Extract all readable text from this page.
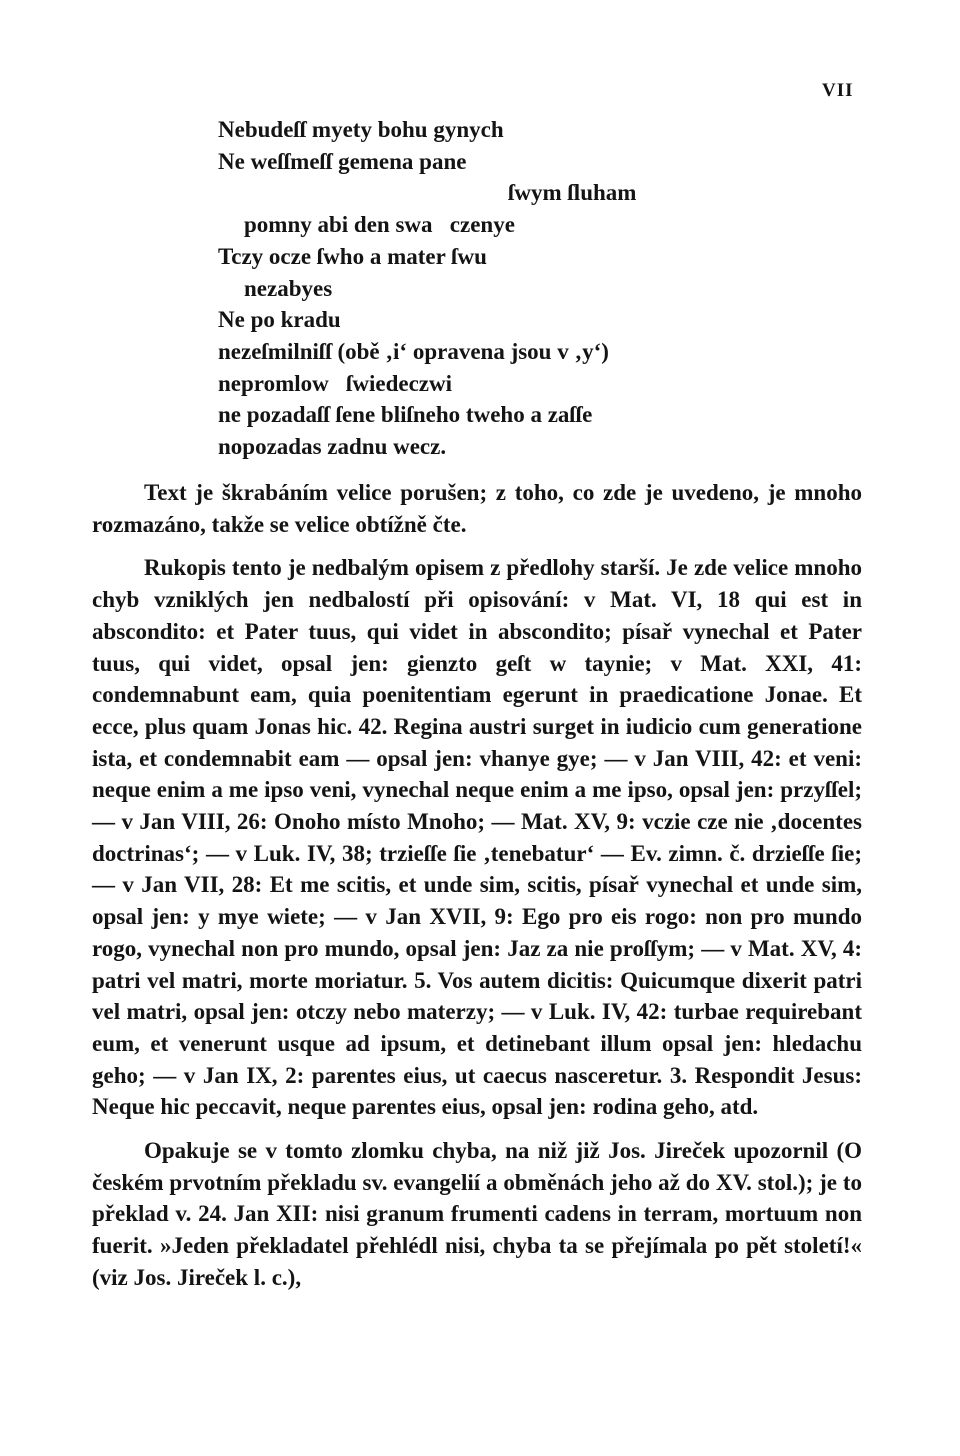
VII
Nebudeſſ myety bohu gynych
Ne weſſmeſſ gemena pane
ſwym ſluham
pomny abi den swa   czenye
Tczy ocze ſwho a mater ſwu
nezabyes
Ne po kradu
nezeſmilniſſ (obě ‚i‘ opravena jsou v ‚y‘)
nepromlow   ſwiedeczwi
ne pozadaſſ ſene bliſneho tweho a zaſſe
nopozadas zadnu wecz.

Text je škrabáním velice porušen; z toho, co zde je uvedeno, je mnoho rozmazáno, takže se velice obtížně čte.

Rukopis tento je nedbalým opisem z předlohy starší. Je zde velice mnoho chyb vzniklých jen nedbalostí při opisování: v Mat. VI, 18 qui est in abscondito: et Pater tuus, qui videt in abscondito; písař vynechal et Pater tuus, qui videt, opsal jen: gienzto geſt w taynie; v Mat. XXI, 41: condemnabunt eam, quia poenitentiam egerunt in praedicatione Jonae. Et ecce, plus quam Jonas hic. 42. Regina austri surget in iudicio cum generatione ista, et condemnabit eam — opsal jen: vhanye gye; — v Jan VIII, 42: et veni: neque enim a me ipso veni, vynechal neque enim a me ipso, opsal jen: przyſſel; — v Jan VIII, 26: Onoho místo Mnoho; — Mat. XV, 9: vczie cze nie ‚docentes doctrinas‘; — v Luk. IV, 38; trzieſſe ſie ‚tenebatur‘ — Ev. zimn. č. drzieſſe ſie; — v Jan VII, 28: Et me scitis, et unde sim, scitis, písař vynechal et unde sim, opsal jen: y mye wiete; — v Jan XVII, 9: Ego pro eis rogo: non pro mundo rogo, vynechal non pro mundo, opsal jen: Jaz za nie proſſym; — v Mat. XV, 4: patri vel matri, morte moriatur. 5. Vos autem dicitis: Quicumque dixerit patri vel matri, opsal jen: otczy nebo materzy; — v Luk. IV, 42: turbae requirebant eum, et venerunt usque ad ipsum, et detinebant illum opsal jen: hledachu geho; — v Jan IX, 2: parentes eius, ut caecus nasceretur. 3. Respondit Jesus: Neque hic peccavit, neque parentes eius, opsal jen: rodina geho, atd.

Opakuje se v tomto zlomku chyba, na niž již Jos. Jireček upozornil (O českém prvotním překladu sv. evangelií a obměnách jeho až do XV. stol.); je to překlad v. 24. Jan XII: nisi granum frumenti cadens in terram, mortuum non fuerit. »Jeden překladatel přehlédl nisi, chyba ta se přejímala po pět století!« (viz Jos. Jireček l. c.),
